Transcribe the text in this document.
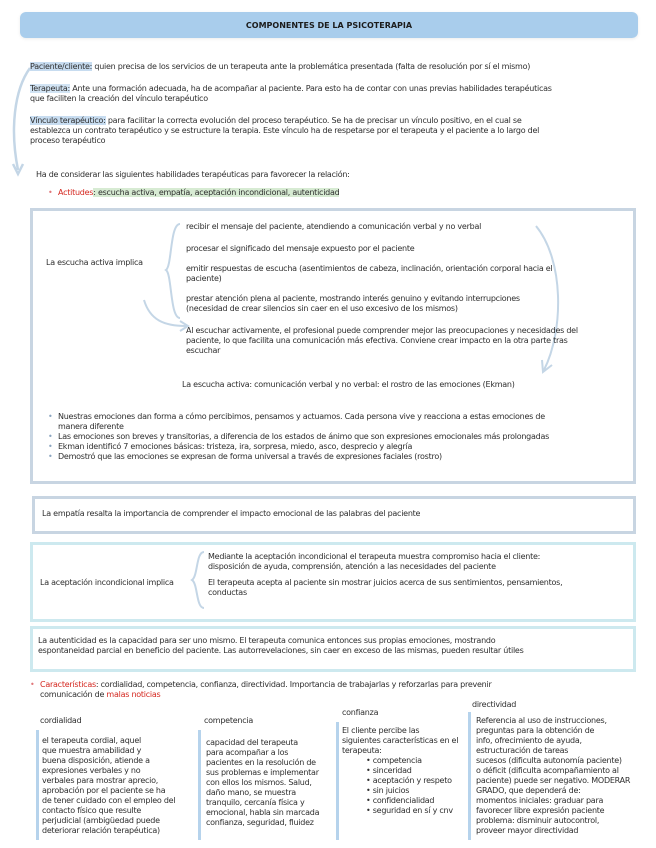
COMPONENTES DE LA PSICOTERAPIA
Paciente/cliente: quien precisa de los servicios de un terapeuta ante la problemática presentada (falta de resolución por sí el mismo)
Terapeuta: Ante una formación adecuada, ha de acompañar al paciente. Para esto ha de contar con unas previas habilidades terapéuticas
que faciliten la creación del vínculo terapéutico
Vínculo terapéutico: para facilitar la correcta evolución del proceso terapéutico. Se ha de precisar un vínculo positivo, en el cual se
establezca un contrato terapéutico y se estructure la terapia. Este vínculo ha de respetarse por el terapeuta y el paciente a lo largo del
proceso terapéutico
Ha de considerar las siguientes habilidades terapéuticas para favorecer la relación:
• Actitudes: escucha activa, empatía, aceptación incondicional, autenticidad
La escucha activa implica
recibir el mensaje del paciente, atendiendo a comunicación verbal y no verbal
procesar el significado del mensaje expuesto por el paciente
emitir respuestas de escucha (asentimientos de cabeza, inclinación, orientación corporal hacia el
paciente)
prestar atención plena al paciente, mostrando interés genuino y evitando interrupciones
(necesidad de crear silencios sin caer en el uso excesivo de los mismos)
Al escuchar activamente, el profesional puede comprender mejor las preocupaciones y necesidades del
paciente, lo que facilita una comunicación más efectiva. Conviene crear impacto en la otra parte tras
escuchar
La escucha activa: comunicación verbal y no verbal: el rostro de las emociones (Ekman)
• Nuestras emociones dan forma a cómo percibimos, pensamos y actuamos. Cada persona vive y reacciona a estas emociones de
manera diferente
• Las emociones son breves y transitorias, a diferencia de los estados de ánimo que son expresiones emocionales más prolongadas
• Ekman identificó 7 emociones básicas: tristeza, ira, sorpresa, miedo, asco, desprecio y alegría
• Demostró que las emociones se expresan de forma universal a través de expresiones faciales (rostro)
La empatía resalta la importancia de comprender el impacto emocional de las palabras del paciente
La aceptación incondicional implica
Mediante la aceptación incondicional el terapeuta muestra compromiso hacia el cliente:
disposición de ayuda, comprensión, atención a las necesidades del paciente
El terapeuta acepta al paciente sin mostrar juicios acerca de sus sentimientos, pensamientos,
conductas
La autenticidad es la capacidad para ser uno mismo. El terapeuta comunica entonces sus propias emociones, mostrando
espontaneidad parcial en beneficio del paciente. Las autorrevelaciones, sin caer en exceso de las mismas, pueden resultar útiles
• Características: cordialidad, competencia, confianza, directividad. Importancia de trabajarlas y reforzarlas para prevenir
comunicación de malas noticias
cordialidad
el terapeuta cordial, aquel
que muestra amabilidad y
buena disposición, atiende a
expresiones verbales y no
verbales para mostrar aprecio,
aprobación por el paciente se ha
de tener cuidado con el empleo del
contacto físico que resulte
perjudicial (ambigüedad puede
deteriorar relación terapéutica)
competencia
capacidad del terapeuta
para acompañar a los
pacientes en la resolución de
sus problemas e implementar
con ellos los mismos. Salud,
daño mano, se muestra
tranquilo, cercanía física y
emocional, habla sin marcada
confianza, seguridad, fluidez
confianza
El cliente percibe las
siguientes características en el
terapeuta:
• competencia
• sinceridad
• aceptación y respeto
• sin juicios
• confidencialidad
• seguridad en sí y cnv
directividad
Referencia al uso de instrucciones,
preguntas para la obtención de
info, ofrecimiento de ayuda,
estructuración de tareas
sucesos (dificulta autonomía paciente)
o déficit (dificulta acompañamiento al
paciente) puede ser negativo. MODERAR
GRADO, que dependerá de:
momentos iniciales: graduar para
favorecer libre expresión paciente
problema: disminuir autocontrol,
proveer mayor directividad
